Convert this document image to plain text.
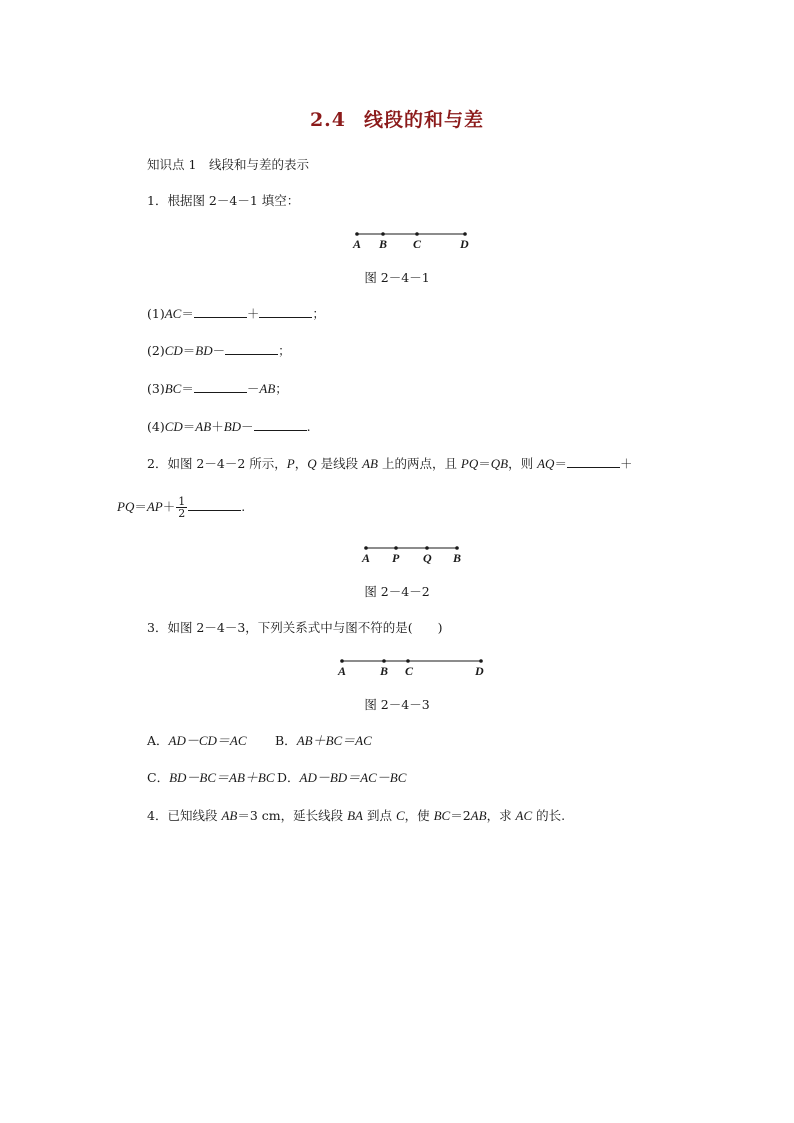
2.4 线段的和与差
知识点 1　 线段和与差的表示
1．根据图 2－4－1 填空：
A B C	D
图 2－4－1
(1)AC＝	＋	；
(2)CD＝BD－	；
(3)BC＝	－AB；
(4)CD＝AB＋BD－	.
2．如图 2－4－2 所示，P，Q 是线段 AB 上的两点，且 PQ＝QB，则 AQ＝	＋
$PQ=AP+ \frac{1}{2}$	.
A P Q B
图 2－4－2
3．如图 2－4－3，下列关系式中与图不符的是(　　)
A	B C	D
图 2－4－3
A．AD－CD＝AC B．AB＋BC＝AC
C．BD－BC＝AB＋BC D．AD－BD＝AC－BC
4．已知线段 AB＝3 cm，延长线段 BA 到点 C，使 BC＝2AB，求 AC 的长.
